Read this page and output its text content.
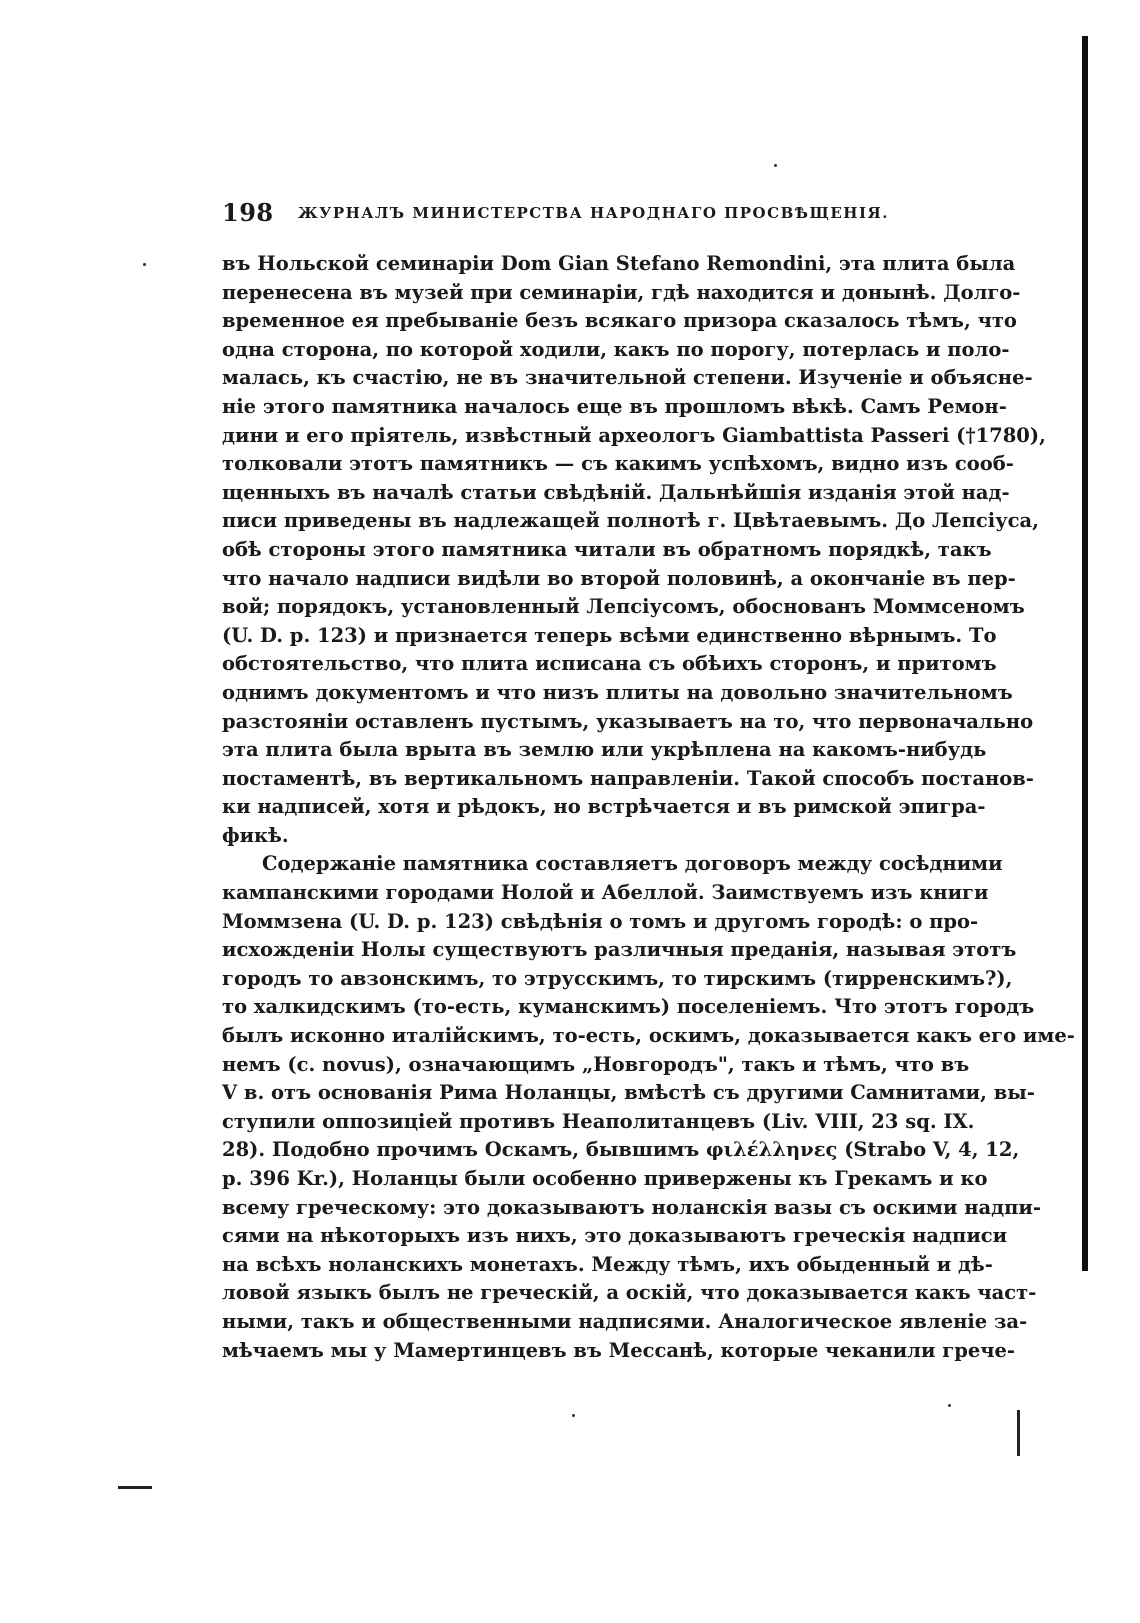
198 ЖУРНАЛЪ МИНИСТЕРСТВА НАРОДНАГО ПРОСВѢЩЕНІЯ.
въ Нольской семинаріи Dom Gian Stefano Remondini, эта плита была
перенесена въ музей при семинаріи, гдѣ находится и донынѣ. Долго-
временное ея пребываніе безъ всякаго призора сказалось тѣмъ, что
одна сторона, по которой ходили, какъ по порогу, потерлась и поло-
малась, къ счастію, не въ значительной степени. Изученіе и объясне-
ніе этого памятника началось еще въ прошломъ вѣкѣ. Самъ Ремон-
дини и его пріятель, извѣстный археологъ Giambattista Passeri (†1780),
толковали этотъ памятникъ — съ какимъ успѣхомъ, видно изъ сооб-
щенныхъ въ началѣ статьи свѣдѣній. Дальнѣйшія изданія этой над-
писи приведены въ надлежащей полнотѣ г. Цвѣтаевымъ. До Лепсіуса,
обѣ стороны этого памятника читали въ обратномъ порядкѣ, такъ
что начало надписи видѣли во второй половинѣ, а окончаніе въ пер-
вой; порядокъ, установленный Лепсіусомъ, обоснованъ Моммсеномъ
(U. D. p. 123) и признается теперь всѣми единственно вѣрнымъ. То
обстоятельство, что плита исписана съ обѣихъ сторонъ, и притомъ
однимъ документомъ и что низъ плиты на довольно значительномъ
разстояніи оставленъ пустымъ, указываетъ на то, что первоначально
эта плита была врыта въ землю или укрѣплена на какомъ-нибудь
постаментѣ, въ вертикальномъ направленіи. Такой способъ постанов-
ки надписей, хотя и рѣдокъ, но встрѣчается и въ римской эпигра-
фикѣ.
Содержаніе памятника составляетъ договоръ между сосѣдними
кампанскими городами Нолой и Абеллой. Заимствуемъ изъ книги
Моммзена (U. D. p. 123) свѣдѣнія о томъ и другомъ городѣ: о про-
исхожденіи Нолы существуютъ различныя преданія, называя этотъ
городъ то авзонскимъ, то этрусскимъ, то тирскимъ (тирренскимъ?),
то халкидскимъ (то-есть, куманскимъ) поселеніемъ. Что этотъ городъ
былъ исконно италійскимъ, то-есть, оскимъ, доказывается какъ его име-
немъ (с. novus), означающимъ „Новгородъ", такъ и тѣмъ, что въ
V в. отъ основанія Рима Ноланцы, вмѣстѣ съ другими Самнитами, вы-
ступили оппозиціей противъ Неаполитанцевъ (Liv. VIII, 23 sq. IX.
28). Подобно прочимъ Оскамъ, бывшимъ φιλέλληνες (Strabo V, 4, 12,
p. 396 Kr.), Ноланцы были особенно привержены къ Грекамъ и ко
всему греческому: это доказываютъ ноланскія вазы съ оскими надпи-
сями на нѣкоторыхъ изъ нихъ, это доказываютъ греческія надписи
на всѣхъ ноланскихъ монетахъ. Между тѣмъ, ихъ обыденный и дѣ-
ловой языкъ былъ не греческій, а оскій, что доказывается какъ част-
ными, такъ и общественными надписями. Аналогическое явленіе за-
мѣчаемъ мы у Мамертинцевъ въ Мессанѣ, которые чеканили грече-
